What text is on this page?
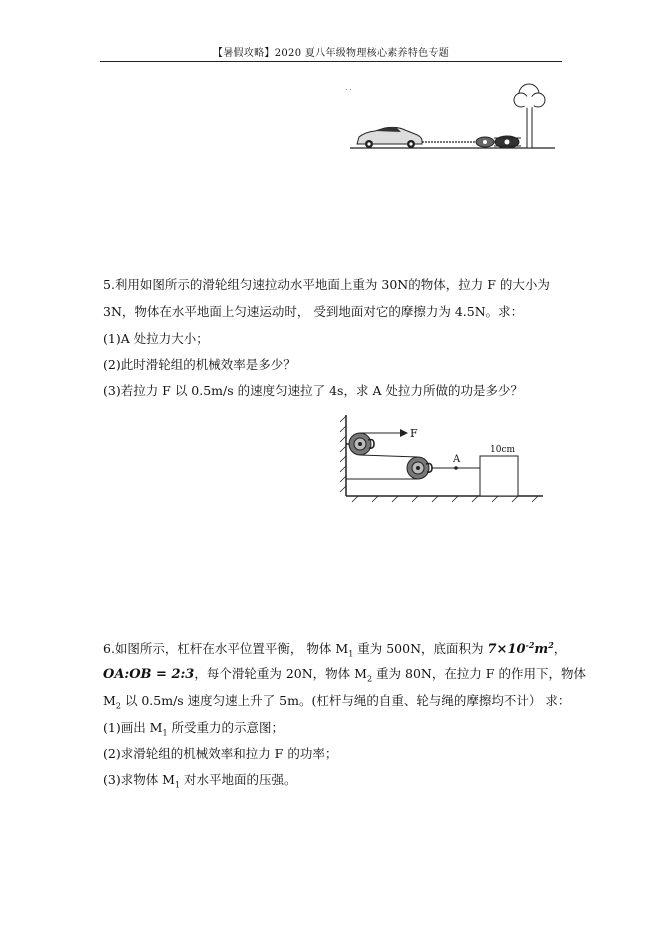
【暑假攻略】2020 夏八年级物理核心素养特色专题
. .
5.利用如图所示的滑轮组匀速拉动水平地面上重为 30N的物体，拉力 F 的大小为
3N，物体在水平地面上匀速运动时， 受到地面对它的摩擦力为 4.5N。求：
(1)A 处拉力大小；
(2)此时滑轮组的机械效率是多少？
(3)若拉力 F 以 0.5m/s 的速度匀速拉了 4s，求 A 处拉力所做的功是多少？
F
A
10cm
6.如图所示，杠杆在水平位置平衡， 物体 $M_1$ 重为 500N，底面积为 $7\times 10^{-2}m^2$，
OA:OB = 2:3，每个滑轮重为 20N，物体 $M_2$ 重为 80N，在拉力 F 的作用下，物体
$M_2$ 以 0.5m/s 速度匀速上升了 5m。(杠杆与绳的自重、轮与绳的摩擦均不计） 求：
(1)画出 $M_1$ 所受重力的示意图；
(2)求滑轮组的机械效率和拉力 F 的功率；
(3)求物体 $M_1$ 对水平地面的压强。
